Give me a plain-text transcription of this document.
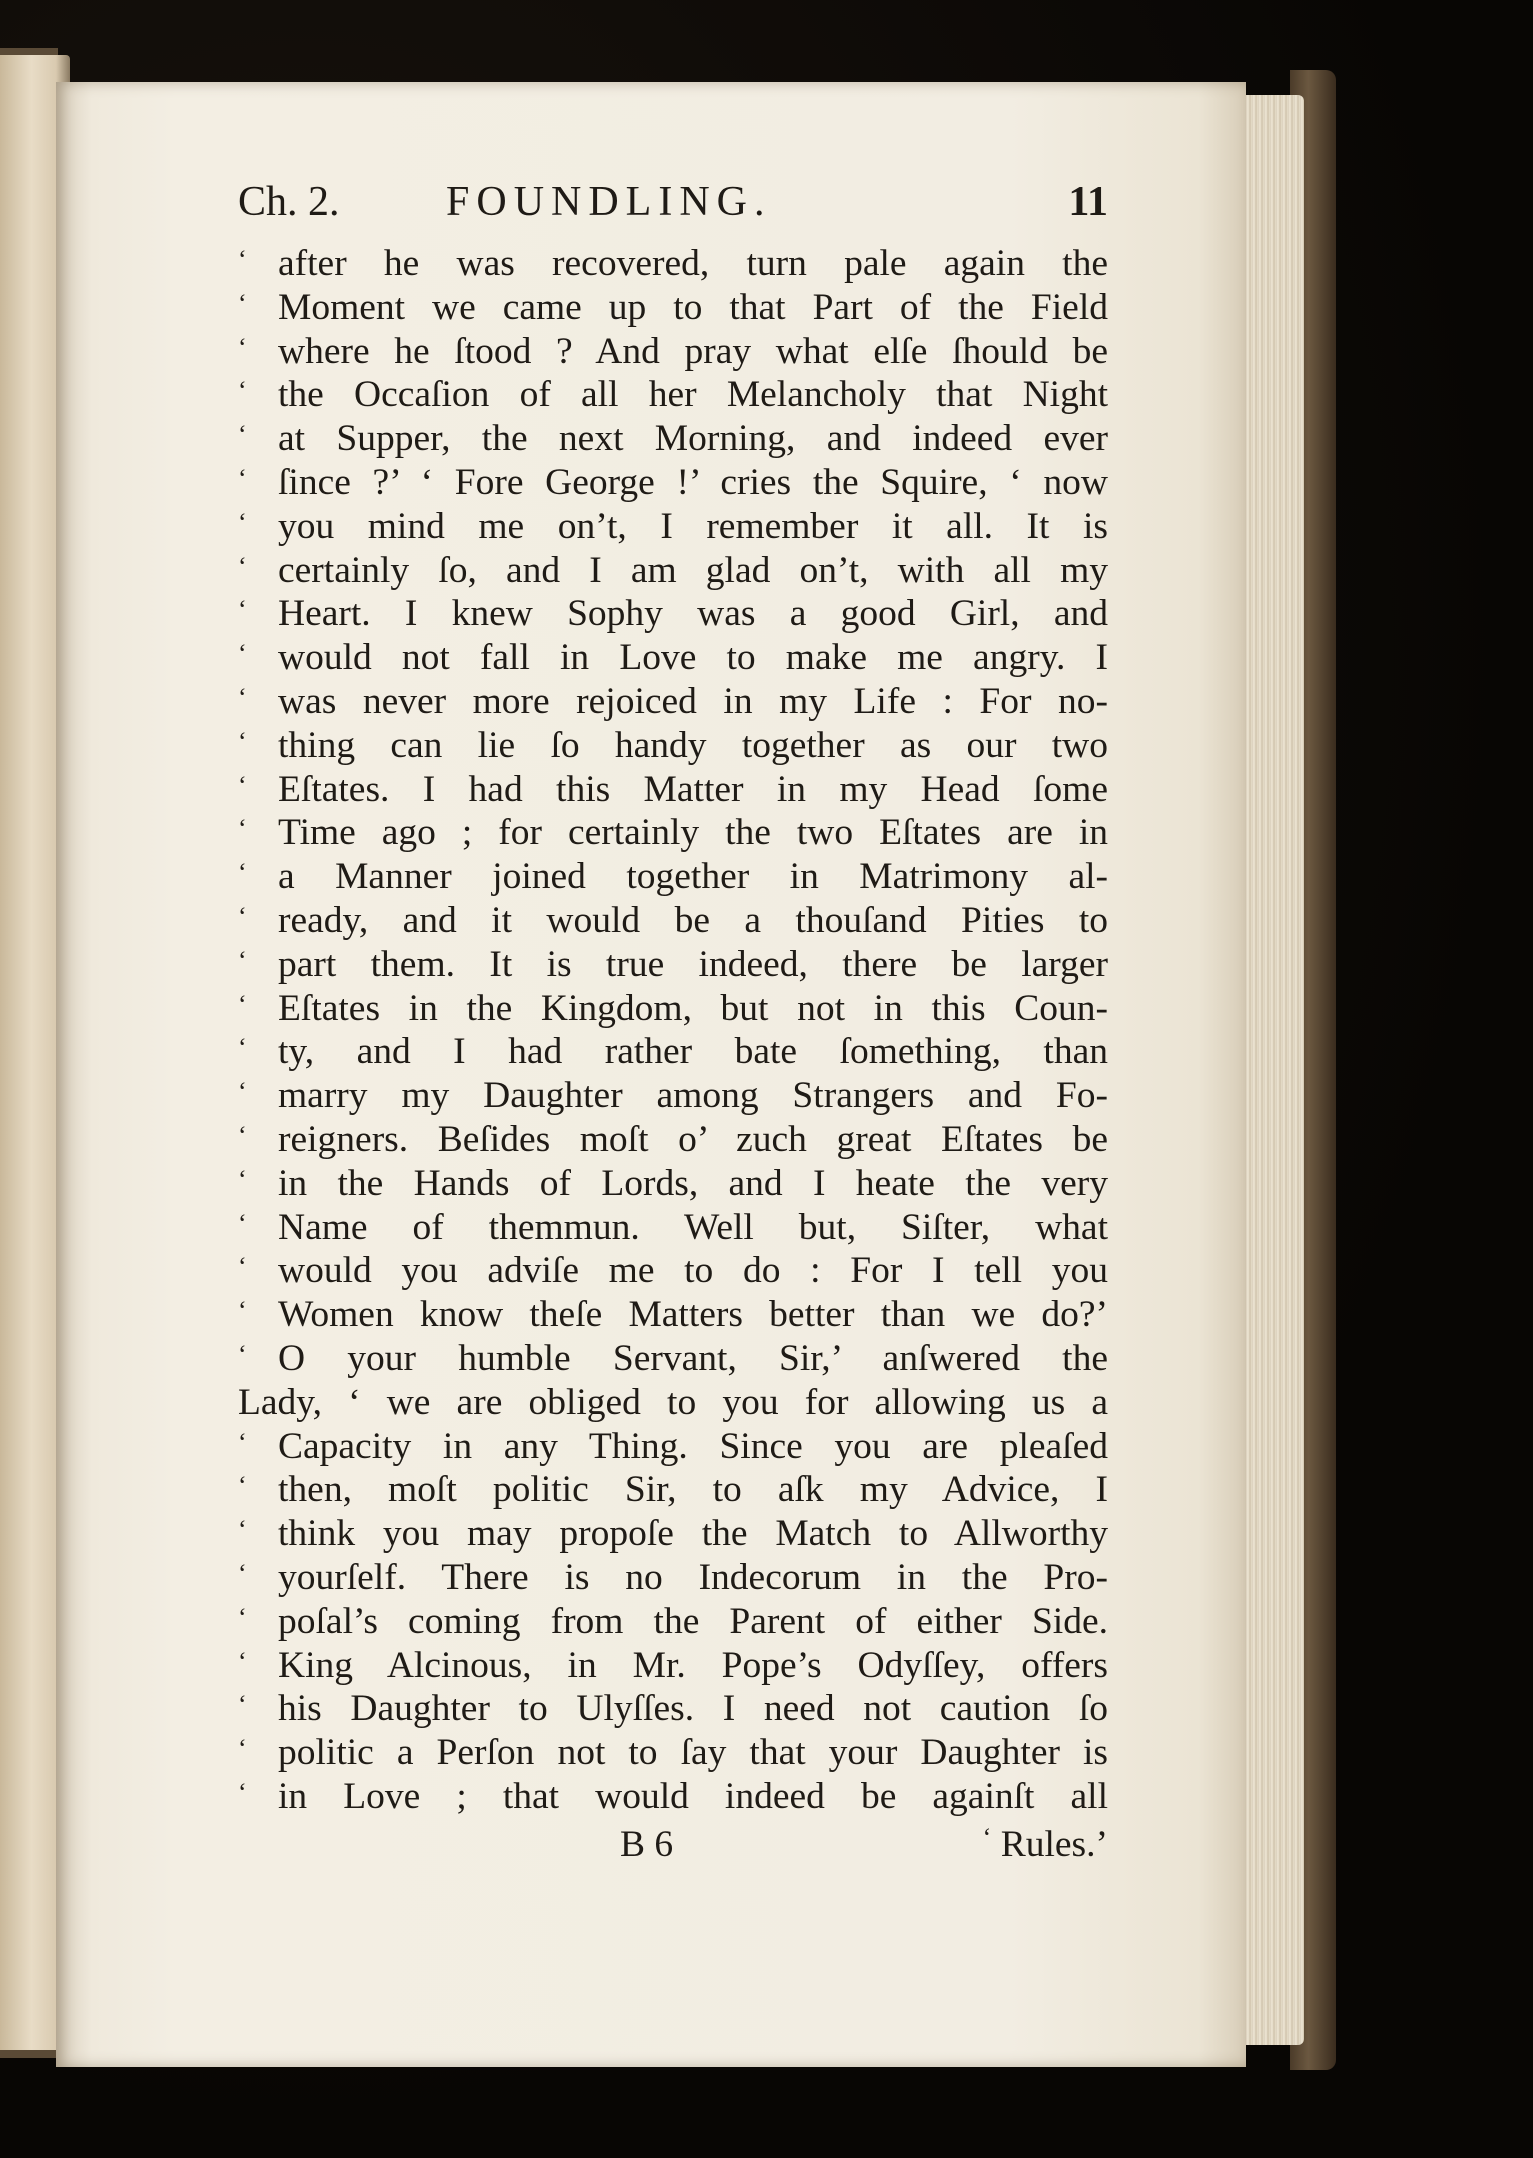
Ch. 2.	FOUNDLING.	11
‘ after he was recovered, turn pale again the
‘ Moment we came up to that Part of the Field
‘ where he ſtood ? And pray what elſe ſhould be
‘ the Occaſion of all her Melancholy that Night
‘ at Supper, the next Morning, and indeed ever
‘ ſince ?’ ‘ Fore George !’ cries the Squire, ‘ now
‘ you mind me on’t, I remember it all. It is
‘ certainly ſo, and I am glad on’t, with all my
‘ Heart. I knew Sophy was a good Girl, and
‘ would not fall in Love to make me angry. I
‘ was never more rejoiced in my Life : For no-
‘ thing can lie ſo handy together as our two
‘ Eſtates. I had this Matter in my Head ſome
‘ Time ago ; for certainly the two Eſtates are in
‘ a Manner joined together in Matrimony al-
‘ ready, and it would be a thouſand Pities to
‘ part them. It is true indeed, there be larger
‘ Eſtates in the Kingdom, but not in this Coun-
‘ ty, and I had rather bate ſomething, than
‘ marry my Daughter among Strangers and Fo-
‘ reigners. Beſides moſt o’ zuch great Eſtates be
‘ in the Hands of Lords, and I heate the very
‘ Name of themmun. Well but, Siſter, what
‘ would you adviſe me to do : For I tell you
‘ Women know theſe Matters better than we do?’
‘ O your humble Servant, Sir,’ anſwered the
Lady, ‘ we are obliged to you for allowing us a
‘ Capacity in any Thing. Since you are pleaſed
‘ then, moſt politic Sir, to aſk my Advice, I
‘ think you may propoſe the Match to Allworthy
‘ yourſelf. There is no Indecorum in the Pro-
‘ poſal’s coming from the Parent of either Side.
‘ King Alcinous, in Mr. Pope’s Odyſſey, offers
‘ his Daughter to Ulyſſes. I need not caution ſo
‘ politic a Perſon not to ſay that your Daughter is
‘ in Love ; that would indeed be againſt all
B 6	‘ Rules.’
